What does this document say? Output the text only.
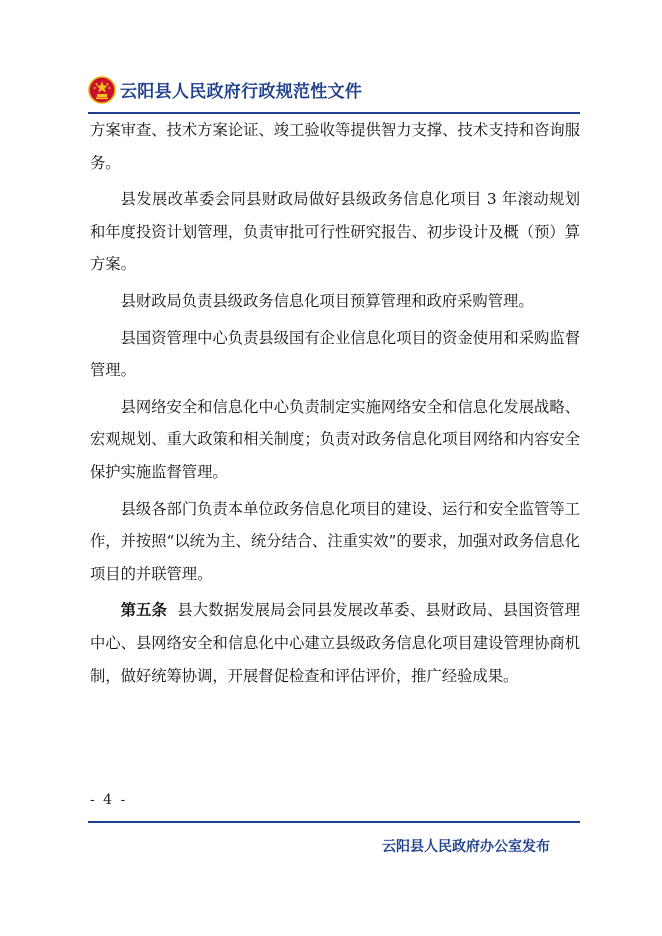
云阳县人民政府行政规范性文件

方案审查、技术方案论证、竣工验收等提供智力支撑、技术支持和咨询服务。

县发展改革委会同县财政局做好县级政务信息化项目 3 年滚动规划和年度投资计划管理，负责审批可行性研究报告、初步设计及概（预）算方案。

县财政局负责县级政务信息化项目预算管理和政府采购管理。

县国资管理中心负责县级国有企业信息化项目的资金使用和采购监督管理。

县网络安全和信息化中心负责制定实施网络安全和信息化发展战略、宏观规划、重大政策和相关制度；负责对政务信息化项目网络和内容安全保护实施监督管理。

县级各部门负责本单位政务信息化项目的建设、运行和安全监管等工作，并按照“以统为主、统分结合、注重实效”的要求，加强对政务信息化项目的并联管理。

第五条 县大数据发展局会同县发展改革委、县财政局、县国资管理中心、县网络安全和信息化中心建立县级政务信息化项目建设管理协商机制，做好统筹协调，开展督促检查和评估评价，推广经验成果。

- 4 -
云阳县人民政府办公室发布
